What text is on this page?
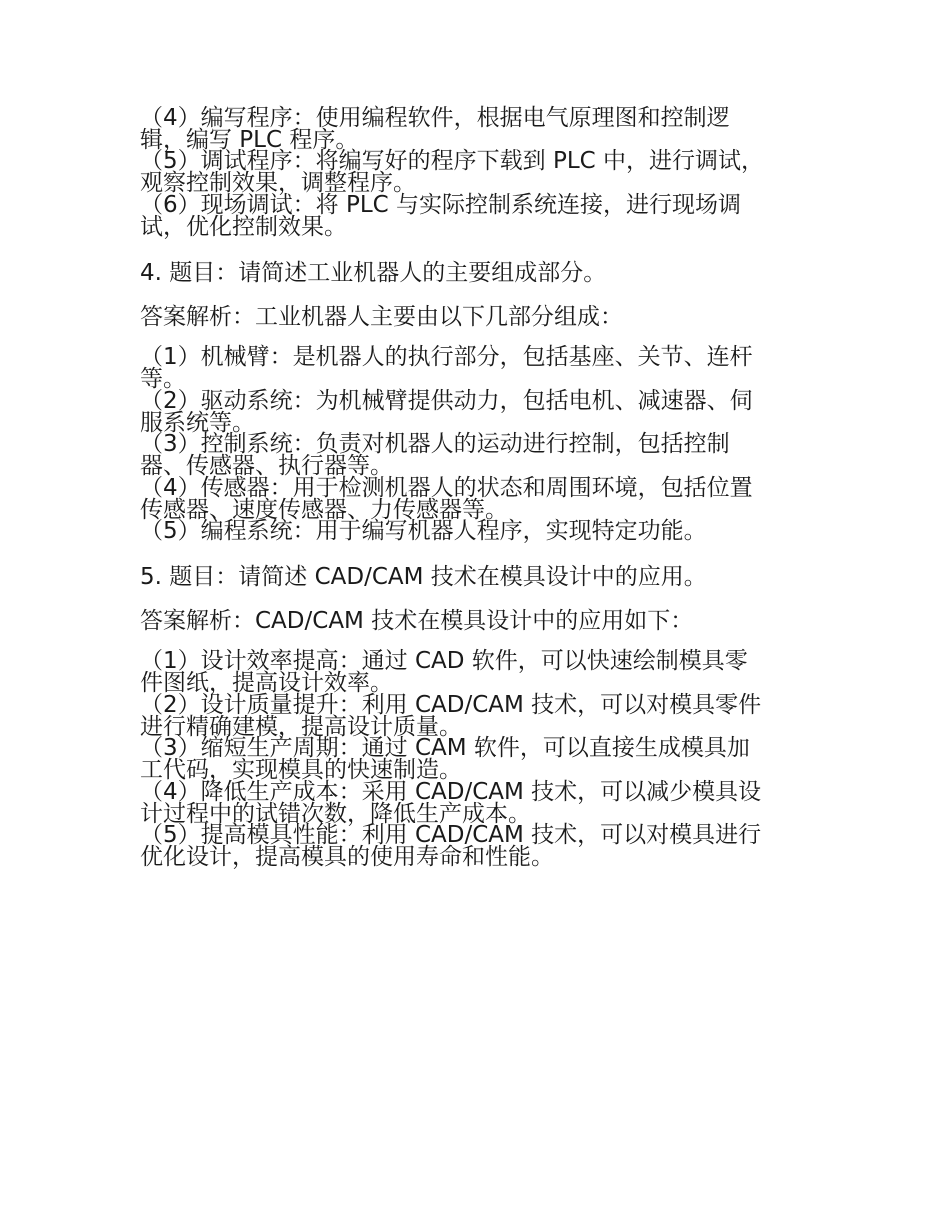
（4）编写程序：使用编程软件，根据电气原理图和控制逻
辑，编写 PLC 程序。
（5）调试程序：将编写好的程序下载到 PLC 中，进行调试，
观察控制效果，调整程序。
（6）现场调试：将 PLC 与实际控制系统连接，进行现场调
试，优化控制效果。
4. 题目：请简述工业机器人的主要组成部分。
答案解析：工业机器人主要由以下几部分组成：
（1）机械臂：是机器人的执行部分，包括基座、关节、连杆
等。
（2）驱动系统：为机械臂提供动力，包括电机、减速器、伺
服系统等。
（3）控制系统：负责对机器人的运动进行控制，包括控制
器、传感器、执行器等。
（4）传感器：用于检测机器人的状态和周围环境，包括位置
传感器、速度传感器、力传感器等。
（5）编程系统：用于编写机器人程序，实现特定功能。
5. 题目：请简述 CAD/CAM 技术在模具设计中的应用。
答案解析：CAD/CAM 技术在模具设计中的应用如下：
（1）设计效率提高：通过 CAD 软件，可以快速绘制模具零
件图纸，提高设计效率。
（2）设计质量提升：利用 CAD/CAM 技术，可以对模具零件
进行精确建模，提高设计质量。
（3）缩短生产周期：通过 CAM 软件，可以直接生成模具加
工代码，实现模具的快速制造。
（4）降低生产成本：采用 CAD/CAM 技术，可以减少模具设
计过程中的试错次数，降低生产成本。
（5）提高模具性能：利用 CAD/CAM 技术，可以对模具进行
优化设计，提高模具的使用寿命和性能。
